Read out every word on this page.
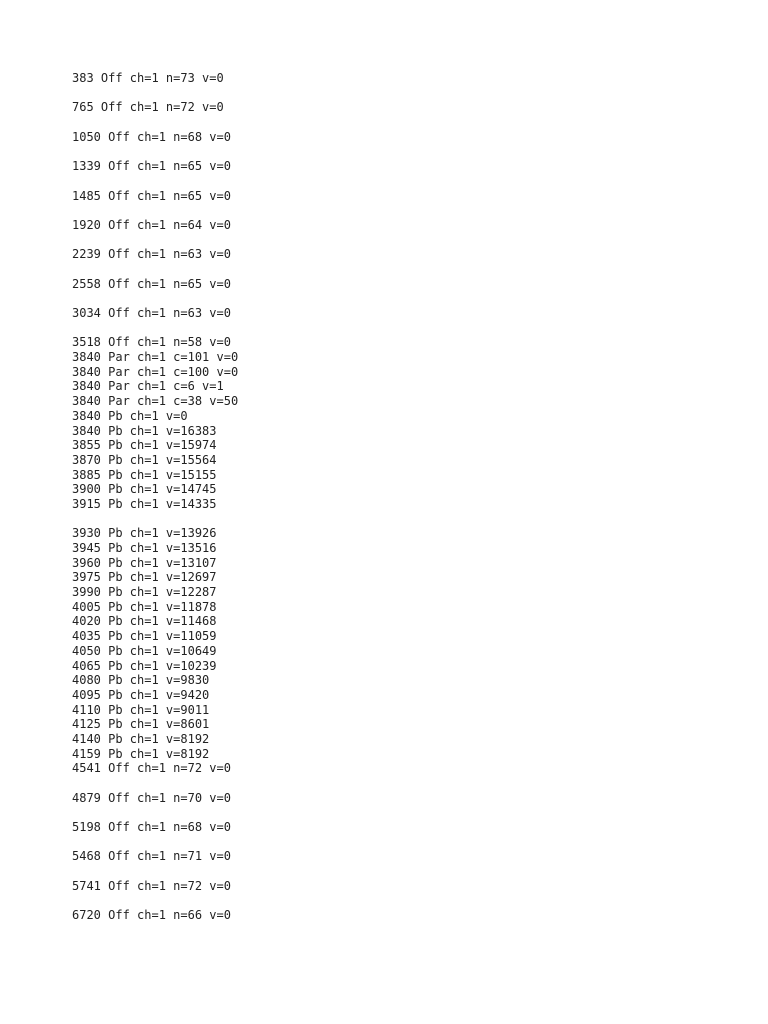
383 Off ch=1 n=73 v=0
765 Off ch=1 n=72 v=0
1050 Off ch=1 n=68 v=0
1339 Off ch=1 n=65 v=0
1485 Off ch=1 n=65 v=0
1920 Off ch=1 n=64 v=0
2239 Off ch=1 n=63 v=0
2558 Off ch=1 n=65 v=0
3034 Off ch=1 n=63 v=0
3518 Off ch=1 n=58 v=0
3840 Par ch=1 c=101 v=0
3840 Par ch=1 c=100 v=0
3840 Par ch=1 c=6 v=1
3840 Par ch=1 c=38 v=50
3840 Pb ch=1 v=0
3840 Pb ch=1 v=16383
3855 Pb ch=1 v=15974
3870 Pb ch=1 v=15564
3885 Pb ch=1 v=15155
3900 Pb ch=1 v=14745
3915 Pb ch=1 v=14335
3930 Pb ch=1 v=13926
3945 Pb ch=1 v=13516
3960 Pb ch=1 v=13107
3975 Pb ch=1 v=12697
3990 Pb ch=1 v=12287
4005 Pb ch=1 v=11878
4020 Pb ch=1 v=11468
4035 Pb ch=1 v=11059
4050 Pb ch=1 v=10649
4065 Pb ch=1 v=10239
4080 Pb ch=1 v=9830
4095 Pb ch=1 v=9420
4110 Pb ch=1 v=9011
4125 Pb ch=1 v=8601
4140 Pb ch=1 v=8192
4159 Pb ch=1 v=8192
4541 Off ch=1 n=72 v=0
4879 Off ch=1 n=70 v=0
5198 Off ch=1 n=68 v=0
5468 Off ch=1 n=71 v=0
5741 Off ch=1 n=72 v=0
6720 Off ch=1 n=66 v=0
